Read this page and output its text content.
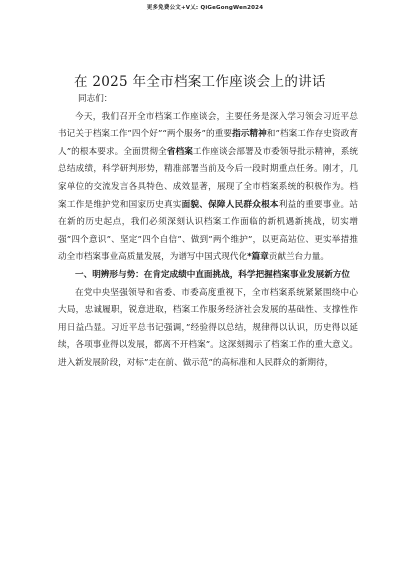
更多免费公文+V乂: QiGeGongWen2024
在 2025 年全市档案工作座谈会上的讲话

同志们：

今天，我们召开全市档案工作座谈会，主要任务是深入学习领会习近平总书记关于档案工作”四个好”“两个服务”的重要指示精神和”档案工作存史资政育人”的根本要求。全面贯彻全省档案工作座谈会部署及市委领导批示精神，系统总结成绩，科学研判形势，精准部署当前及今后一段时期重点任务。刚才，几家单位的交流发言各具特色、成效显著，展现了全市档案系统的积极作为。档案工作是维护党和国家历史真实面貌、保障人民群众根本利益的重要事业。站在新的历史起点，我们必须深刻认识档案工作面临的新机遇新挑战，切实增强”四个意识”、坚定”四个自信”、做到”两个维护”，以更高站位、更实举措推动全市档案事业高质量发展，为谱写中国式现代化*篇章贡献兰台力量。

一、明辨形与势：在肯定成绩中直面挑战，科学把握档案事业发展新方位

在党中央坚强领导和省委、市委高度重视下，全市档案系统紧紧围绕中心大局，忠诚履职，锐意进取，档案工作服务经济社会发展的基础性、支撑性作用日益凸显。习近平总书记强调，”经验得以总结，规律得以认识，历史得以延续，各项事业得以发展，都离不开档案”。这深刻揭示了档案工作的重大意义。进入新发展阶段，对标”走在前、做示范”的高标准和人民群众的新期待，
